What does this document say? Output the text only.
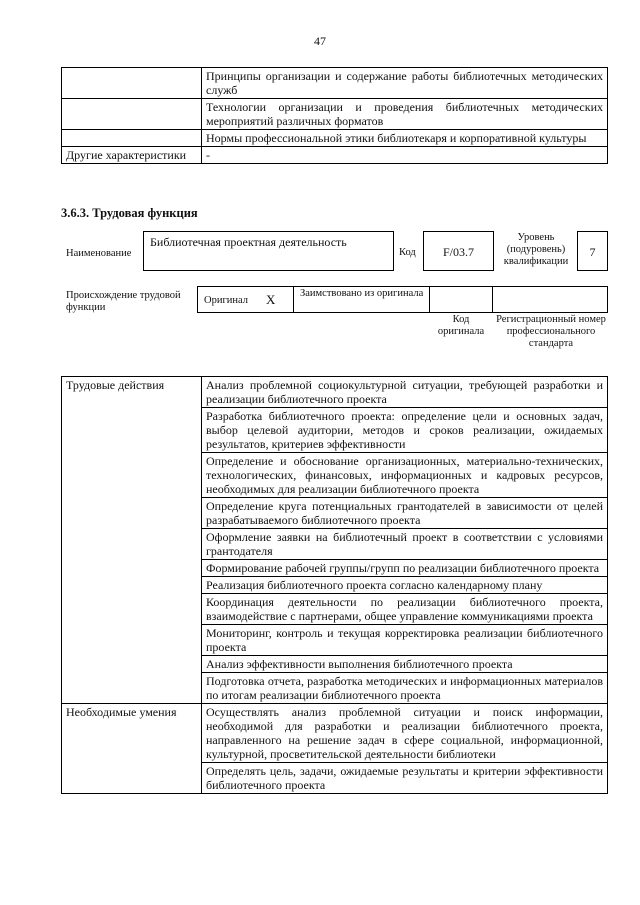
47
	Принципы организации и содержание работы библиотечных методических служб
	Технологии организации и проведения библиотечных методических мероприятий различных форматов
	Нормы профессиональной этики библиотекаря и корпоративной культуры
Другие характеристики	-
3.6.3. Трудовая функция
Наименование
Библиотечная проектная деятельность
Код	F/03.7
Уровень (подуровень) квалификации
7
Происхождение трудовой функции
Оригинал X Заимствовано из оригинала
Код оригинала
Регистрационный номер профессионального стандарта
Трудовые действия	Анализ проблемной социокультурной ситуации, требующей разработки и реализации библиотечного проекта
	Разработка библиотечного проекта: определение цели и основных задач, выбор целевой аудитории, методов и сроков реализации, ожидаемых результатов, критериев эффективности
	Определение и обоснование организационных, материально-технических, технологических, финансовых, информационных и кадровых ресурсов, необходимых для реализации библиотечного проекта
	Определение круга потенциальных грантодателей в зависимости от целей разрабатываемого библиотечного проекта
	Оформление заявки на библиотечный проект в соответствии с условиями грантодателя
	Формирование рабочей группы/групп по реализации библиотечного проекта
	Реализация библиотечного проекта согласно календарному плану
	Координация деятельности по реализации библиотечного проекта, взаимодействие с партнерами, общее управление коммуникациями проекта
	Мониторинг, контроль и текущая корректировка реализации библиотечного проекта
	Анализ эффективности выполнения библиотечного проекта
	Подготовка отчета, разработка методических и информационных материалов по итогам реализации библиотечного проекта
Необходимые умения	Осуществлять анализ проблемной ситуации и поиск информации, необходимой для разработки и реализации библиотечного проекта, направленного на решение задач в сфере социальной, информационной, культурной, просветительской деятельности библиотеки
	Определять цель, задачи, ожидаемые результаты и критерии эффективности библиотечного проекта
